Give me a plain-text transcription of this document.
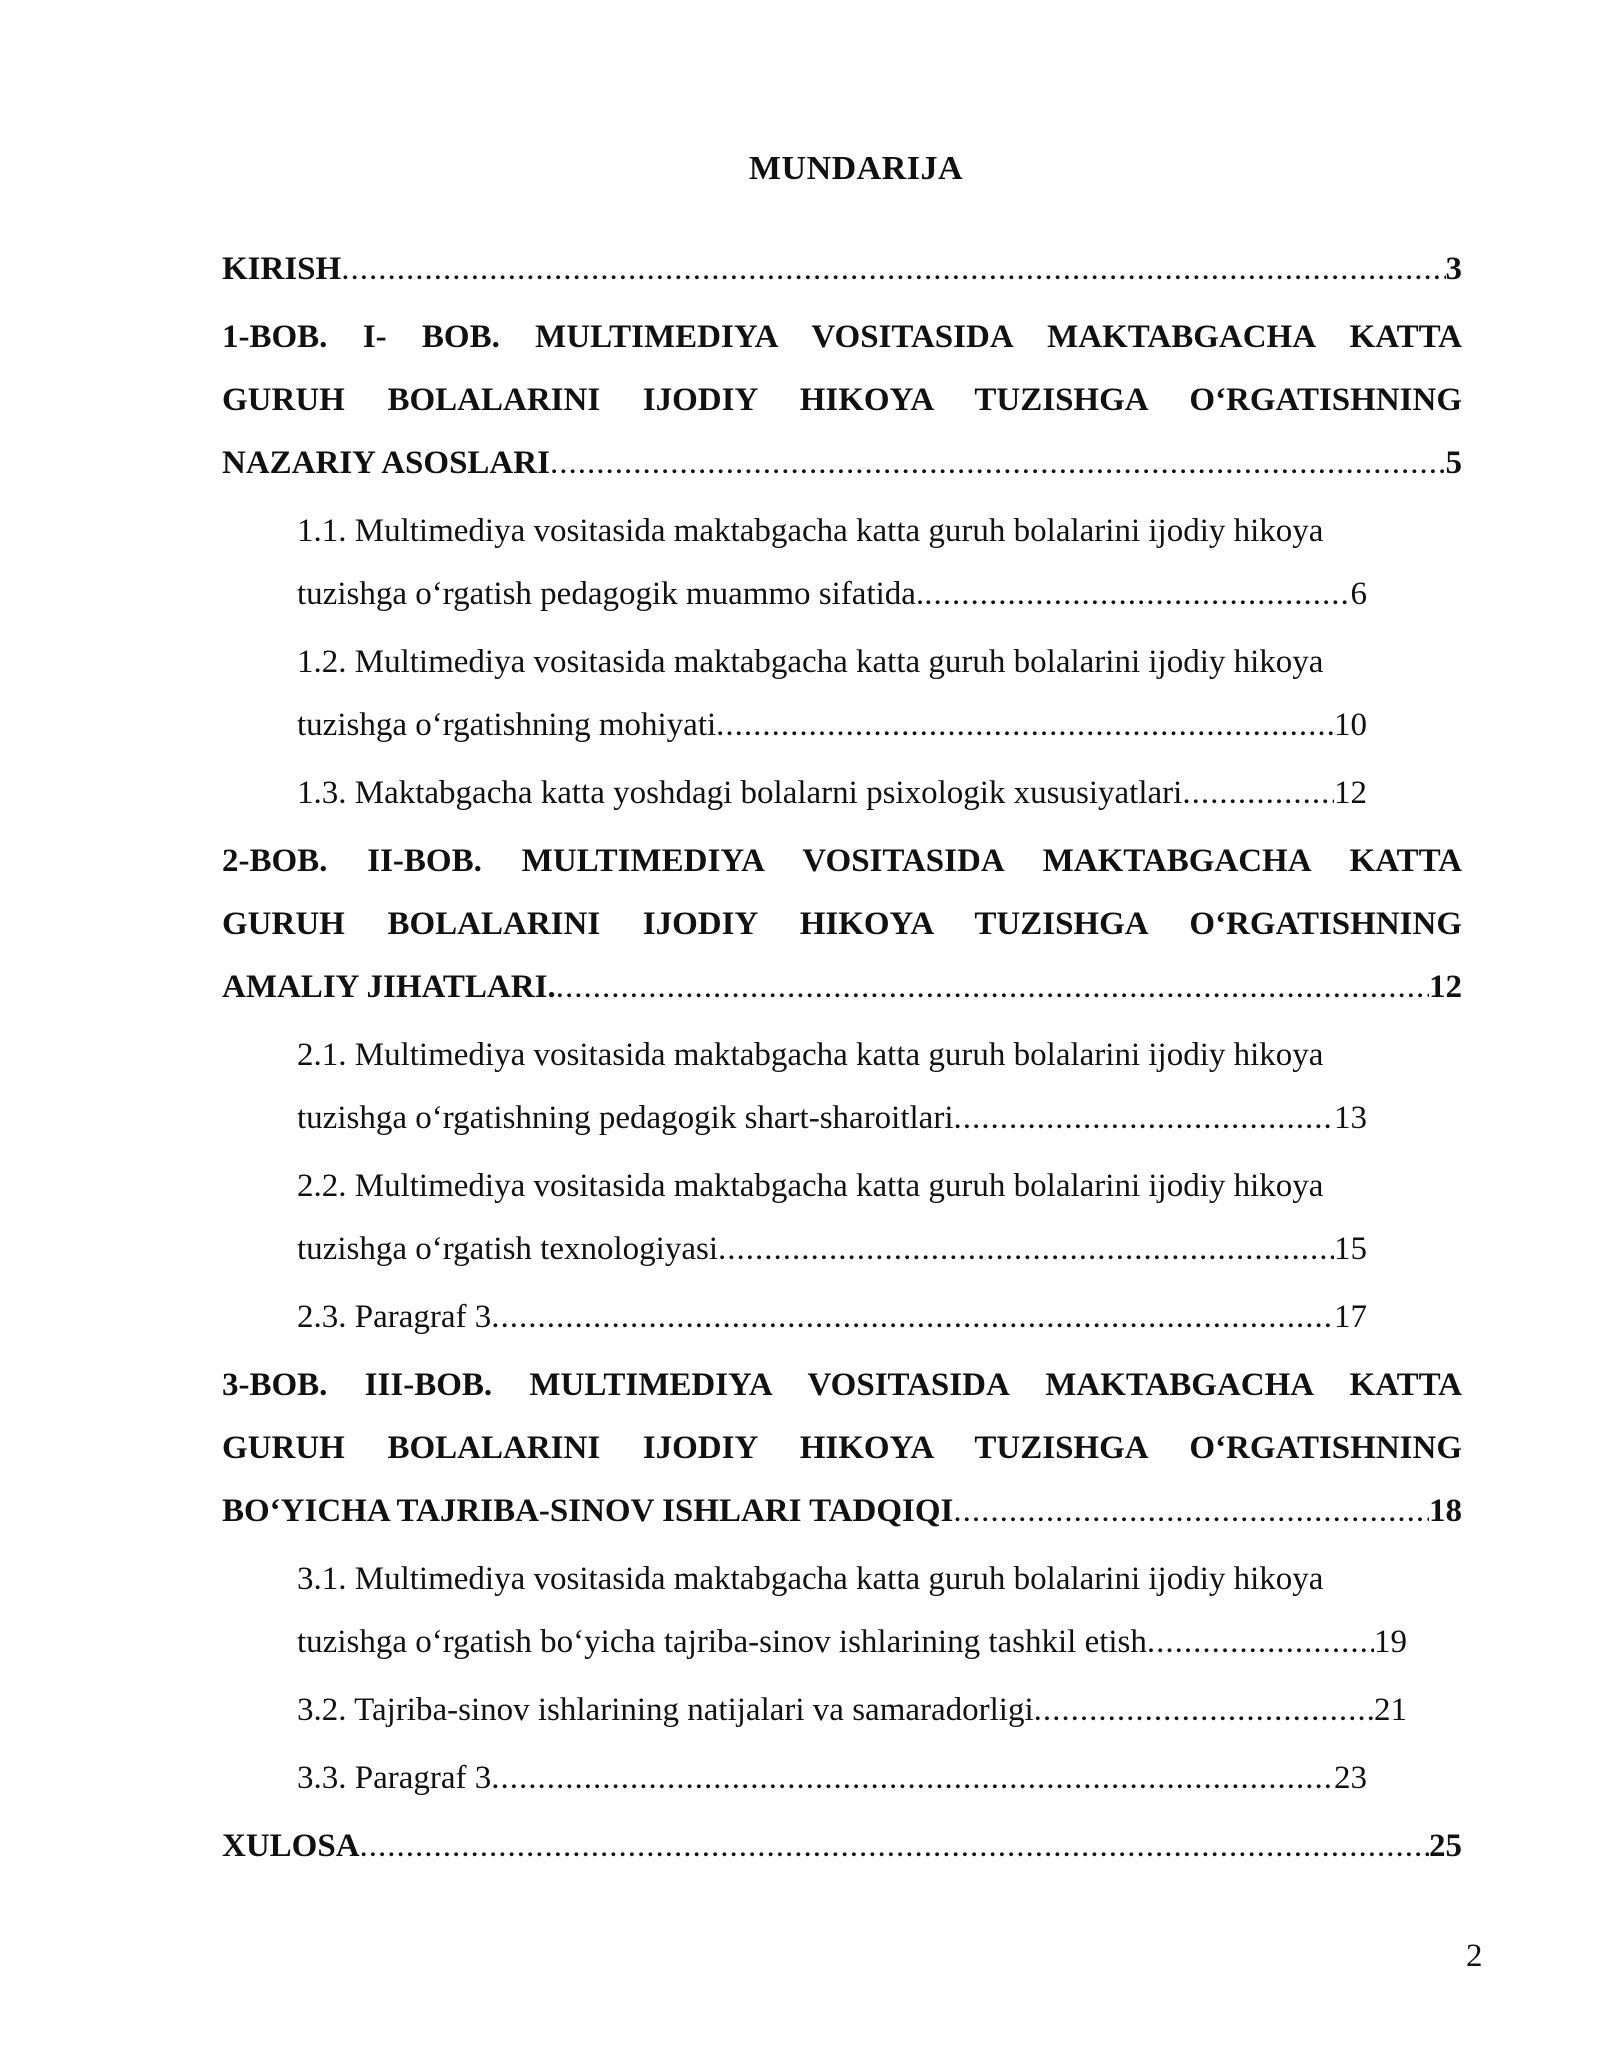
MUNDARIJA
KIRISH .....	3
1-BOB. I- BOB. MULTIMEDIYA VOSITASIDA MAKTABGACHA KATTA
GURUH BOLALARINI IJODIY HIKOYA TUZISHGA O‘RGATISHNING
NAZARIY ASOSLARI .....	5
1.1. Multimediya vositasida maktabgacha katta guruh bolalarini ijodiy hikoya
tuzishga o‘rgatish pedagogik muammo sifatida. .....	6
1.2. Multimediya vositasida maktabgacha katta guruh bolalarini ijodiy hikoya
tuzishga o‘rgatishning mohiyati .....	10
1.3. Maktabgacha katta yoshdagi bolalarni psixologik xususiyatlari .....	12
2-BOB. II-BOB. MULTIMEDIYA VOSITASIDA MAKTABGACHA KATTA
GURUH BOLALARINI IJODIY HIKOYA TUZISHGA O‘RGATISHNING
AMALIY JIHATLARI. .....	12
2.1. Multimediya vositasida maktabgacha katta guruh bolalarini ijodiy hikoya
tuzishga o‘rgatishning pedagogik shart-sharoitlari .....	13
2.2. Multimediya vositasida maktabgacha katta guruh bolalarini ijodiy hikoya
tuzishga o‘rgatish texnologiyasi .....	15
2.3. Paragraf 3 .....	17
3-BOB. III-BOB. MULTIMEDIYA VOSITASIDA MAKTABGACHA KATTA
GURUH BOLALARINI IJODIY HIKOYA TUZISHGA O‘RGATISHNING
BO‘YICHA TAJRIBA-SINOV ISHLARI TADQIQI .....	18
3.1. Multimediya vositasida maktabgacha katta guruh bolalarini ijodiy hikoya
tuzishga o‘rgatish bo‘yicha tajriba-sinov ishlarining tashkil etish .....	19
3.2. Tajriba-sinov ishlarining natijalari va samaradorligi .....	21
3.3. Paragraf 3 .....	23
XULOSA .....	25
2
